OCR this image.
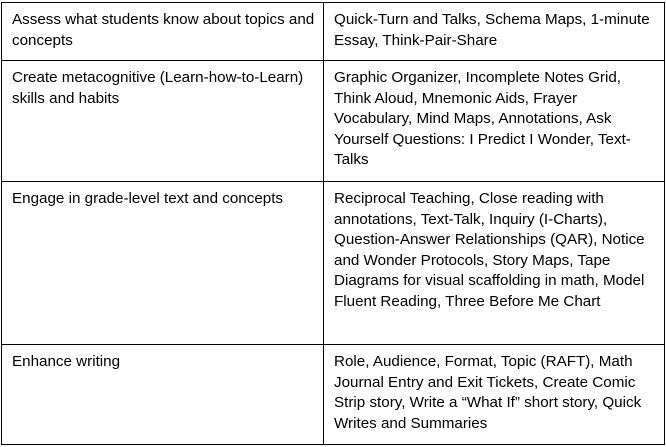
Assess what students know about topics and concepts	Quick-Turn and Talks, Schema Maps, 1-minute Essay, Think-Pair-Share
Create metacognitive (Learn-how-to-Learn) skills and habits	Graphic Organizer, Incomplete Notes Grid, Think Aloud, Mnemonic Aids, Frayer Vocabulary, Mind Maps, Annotations, Ask Yourself Questions: I Predict I Wonder, Text-Talks
Engage in grade-level text and concepts	Reciprocal Teaching, Close reading with annotations, Text-Talk, Inquiry (I-Charts), Question-Answer Relationships (QAR), Notice and Wonder Protocols, Story Maps, Tape Diagrams for visual scaffolding in math, Model Fluent Reading, Three Before Me Chart
Enhance writing	Role, Audience, Format, Topic (RAFT), Math Journal Entry and Exit Tickets, Create Comic Strip story, Write a “What If” short story, Quick Writes and Summaries
